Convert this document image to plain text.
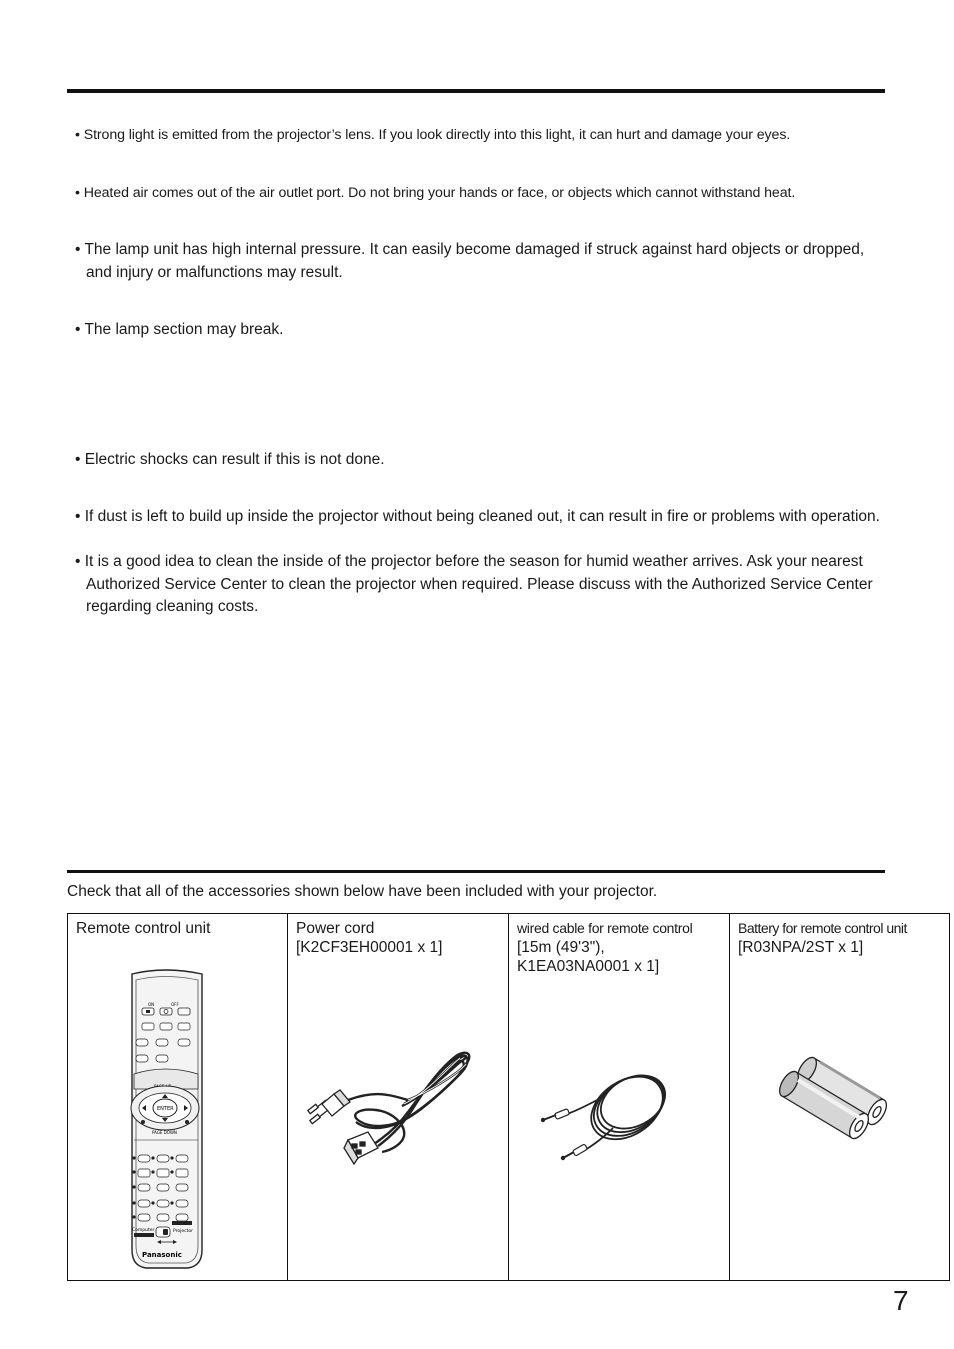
• Strong light is emitted from the projector’s lens. If you look directly into this light, it can hurt and damage your eyes.

• Heated air comes out of the air outlet port. Do not bring your hands or face, or objects which cannot withstand heat.

• The lamp unit has high internal pressure. It can easily become damaged if struck against hard objects or dropped, and injury or malfunctions may result.

• The lamp section may break.

• Electric shocks can result if this is not done.

• If dust is left to build up inside the projector without being cleaned out, it can result in fire or problems with operation.

• It is a good idea to clean the inside of the projector before the season for humid weather arrives. Ask your nearest Authorized Service Center to clean the projector when required. Please discuss with the Authorized Service Center regarding cleaning costs.

Check that all of the accessories shown below have been included with your projector.

Remote control unit
ON	OFF
ENTER
PAGE DOWN
Computer	Projector
Panasonic

Power cord
[K2CF3EH00001 x 1]

wired cable for remote control
[15m (49'3"),
K1EA03NA0001 x 1]

Battery for remote control unit
[R03NPA/2ST x 1]
7
